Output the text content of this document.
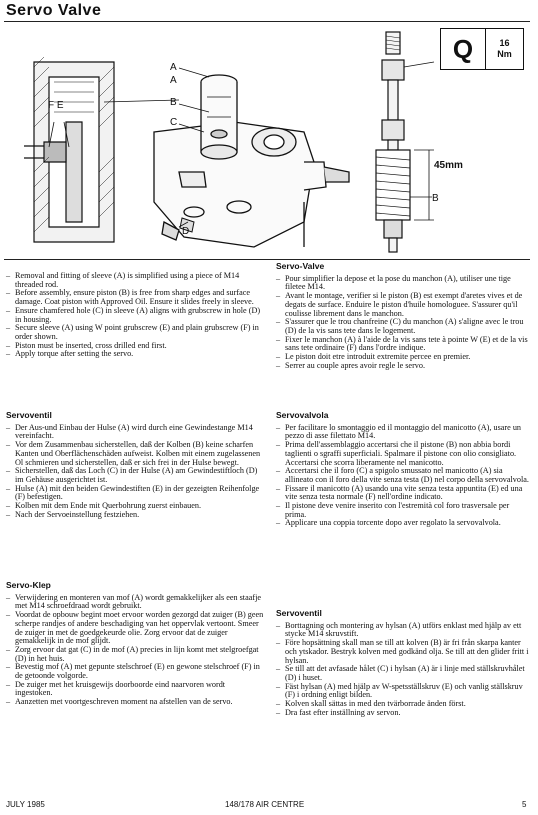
Servo Valve
Q	16
Nm
A
A
B
C
D
F E
45mm
B
– Removal and fitting of sleeve (A) is simplified using a piece of M14 threaded rod.
– Before assembly, ensure piston (B) is free from sharp edges and surface damage. Coat piston with Approved Oil. Ensure it slides freely in sleeve.
– Ensure chamfered hole (C) in sleeve (A) aligns with grubscrew in hole (D) in housing.
– Secure sleeve (A) using W point grubscrew (E) and plain grubscrew (F) in order shown.
– Piston must be inserted, cross drilled end first.
– Apply torque after setting the servo.
Servo-Valve
– Pour simplifier la depose et la pose du manchon (A), utiliser une tige filetee M14.
– Avant le montage, verifier si le piston (B) est exempt d'aretes vives et de degats de surface. Enduire le piston d'huile homologuee. S'assurer qu'il coulisse librement dans le manchon.
– S'assurer que le trou chanfreine (C) du manchon (A) s'aligne avec le trou (D) de la vis sans tete dans le logement.
– Fixer le manchon (A) à l'aide de la vis sans tete à pointe W (E) et de la vis sans tete ordinaire (F) dans l'ordre indique.
– Le piston doit etre introduit extremite percee en premier.
– Serrer au couple apres avoir regle le servo.
Servoventil
– Der Aus-und Einbau der Hulse (A) wird durch eine Gewindestange M14 vereinfacht.
– Vor dem Zusammenbau sicherstellen, daß der Kolben (B) keine scharfen Kanten und Oberflächenschäden aufweist. Kolben mit einem zugelassenen Ol schmieren und sicherstellen, daß er sich frei in der Hulse bewegt.
– Sicherstellen, daß das Loch (C) in der Hulse (A) am Gewindestiftloch (D) im Gehäuse ausgerichtet ist.
– Hulse (A) mit den beiden Gewindestiften (E) in der gezeigten Reihenfolge (F) befestigen.
– Kolben mit dem Ende mit Querbohrung zuerst einbauen.
– Nach der Servoeinstellung festziehen.
Servovalvola
– Per facilitare lo smontaggio ed il montaggio del manicotto (A), usare un pezzo di asse filettato M14.
– Prima dell'assemblaggio accertarsi che il pistone (B) non abbia bordi taglienti o sgraffi superficiali. Spalmare il pistone con olio consigliato. Accertarsi che scorra liberamente nel manicotto.
– Accertarsi che il foro (C) a spigolo smussato nel manicotto (A) sia allineato con il foro della vite senza testa (D) nel corpo della servovalvola.
– Fissare il manicotto (A) usando una vite senza testa appuntita (E) ed una vite senza testa normale (F) nell'ordine indicato.
– Il pistone deve venire inserito con l'estremità col foro trasversale per prima.
– Applicare una coppia torcente dopo aver regolato la servovalvola.
Servo-Klep
– Verwijdering en monteren van mof (A) wordt gemakkelijker als een staafje met M14 schroefdraad wordt gebruikt.
– Voordat de opbouw begint moet ervoor worden gezorgd dat zuiger (B) geen scherpe randjes of andere beschadiging van het oppervlak vertoont. Smeer de zuiger in met de goedgekeurde olie. Zorg ervoor dat de zuiger gemakkelijk in de mof glijdt.
– Zorg ervoor dat gat (C) in de mof (A) precies in lijn komt met stelgroefgat (D) in het huis.
– Bevestig mof (A) met gepunte stelschroef (E) en gewone stelschroef (F) in de getoonde volgorde.
– De zuiger met het kruisgewijs doorboorde eind naarvoren wordt ingestoken.
– Aanzetten met voortgeschreven moment na afstellen van de servo.
Servoventil
– Borttagning och montering av hylsan (A) utförs enklast med hjälp av ett stycke M14 skruvstift.
– Före hopsättning skall man se till att kolven (B) är fri från skarpa kanter och ytskador. Bestryk kolven med godkänd olja. Se till att den glider fritt i hylsan.
– Se till att det avfasade hålet (C) i hylsan (A) är i linje med ställskruvhålet (D) i huset.
– Fäst hylsan (A) med hjälp av W-spetsställskruv (E) och vanlig ställskruv (F) i ordning enligt bilden.
– Kolven skall sättas in med den tvärborrade änden först.
– Dra fast efter inställning av servon.
JULY 1985	148/178 AIR CENTRE	5
